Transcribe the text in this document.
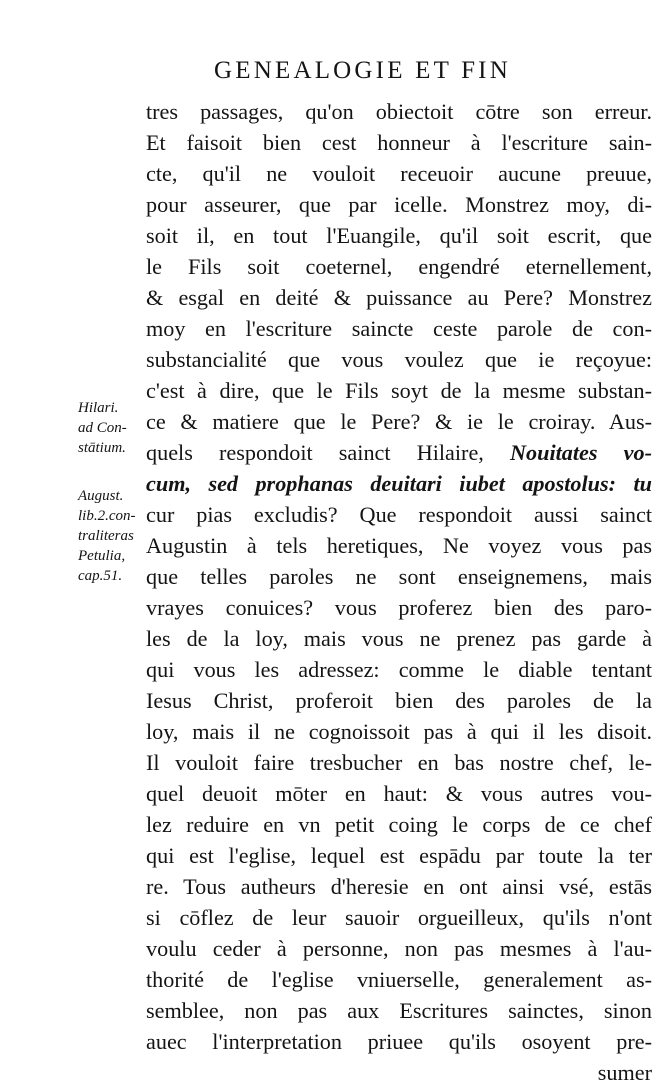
GENEALOGIE ET FIN
tres passages, qu'on obiectoit cōtre son erreur.
Et faisoit bien cest honneur à l'escriture sain-
cte, qu'il ne vouloit receuoir aucune preuue,
pour asseurer, que par icelle. Monstrez moy, di-
soit il, en tout l'Euangile, qu'il soit escrit, que
le Fils soit coeternel, engendré eternellement,
& esgal en deité & puissance au Pere? Monstrez
moy en l'escriture saincte ceste parole de con-
substancialité que vous voulez que ie reçoyue:
c'est à dire, que le Fils soyt de la mesme substan-
ce & matiere que le Pere? & ie le croiray. Aus-
quels respondoit sainct Hilaire, Nouitates vo-
cum, sed prophanas deuitari iubet apostolus: tu
cur pias excludis? Que respondoit aussi sainct
Augustin à tels heretiques, Ne voyez vous pas
que telles paroles ne sont enseignemens, mais
vrayes conuices? vous proferez bien des paro-
les de la loy, mais vous ne prenez pas garde à
qui vous les adressez: comme le diable tentant
Iesus Christ, proferoit bien des paroles de la
loy, mais il ne cognoissoit pas à qui il les disoit.
Il vouloit faire tresbucher en bas nostre chef, le-
quel deuoit mōter en haut: & vous autres vou-
lez reduire en vn petit coing le corps de ce chef
qui est l'eglise, lequel est espādu par toute la ter
re. Tous autheurs d'heresie en ont ainsi vsé, estās
si cōflez de leur sauoir orgueilleux, qu'ils n'ont
voulu ceder à personne, non pas mesmes à l'au-
thorité de l'eglise vniuerselle, generalement as-
semblee, non pas aux Escritures sainctes, sinon
auec l'interpretation priuee qu'ils osoyent pre-
sumer
Hilari.
ad Con-
stātium.
August.
lib.2.con-
traliteras
Petulia,
cap.51.
